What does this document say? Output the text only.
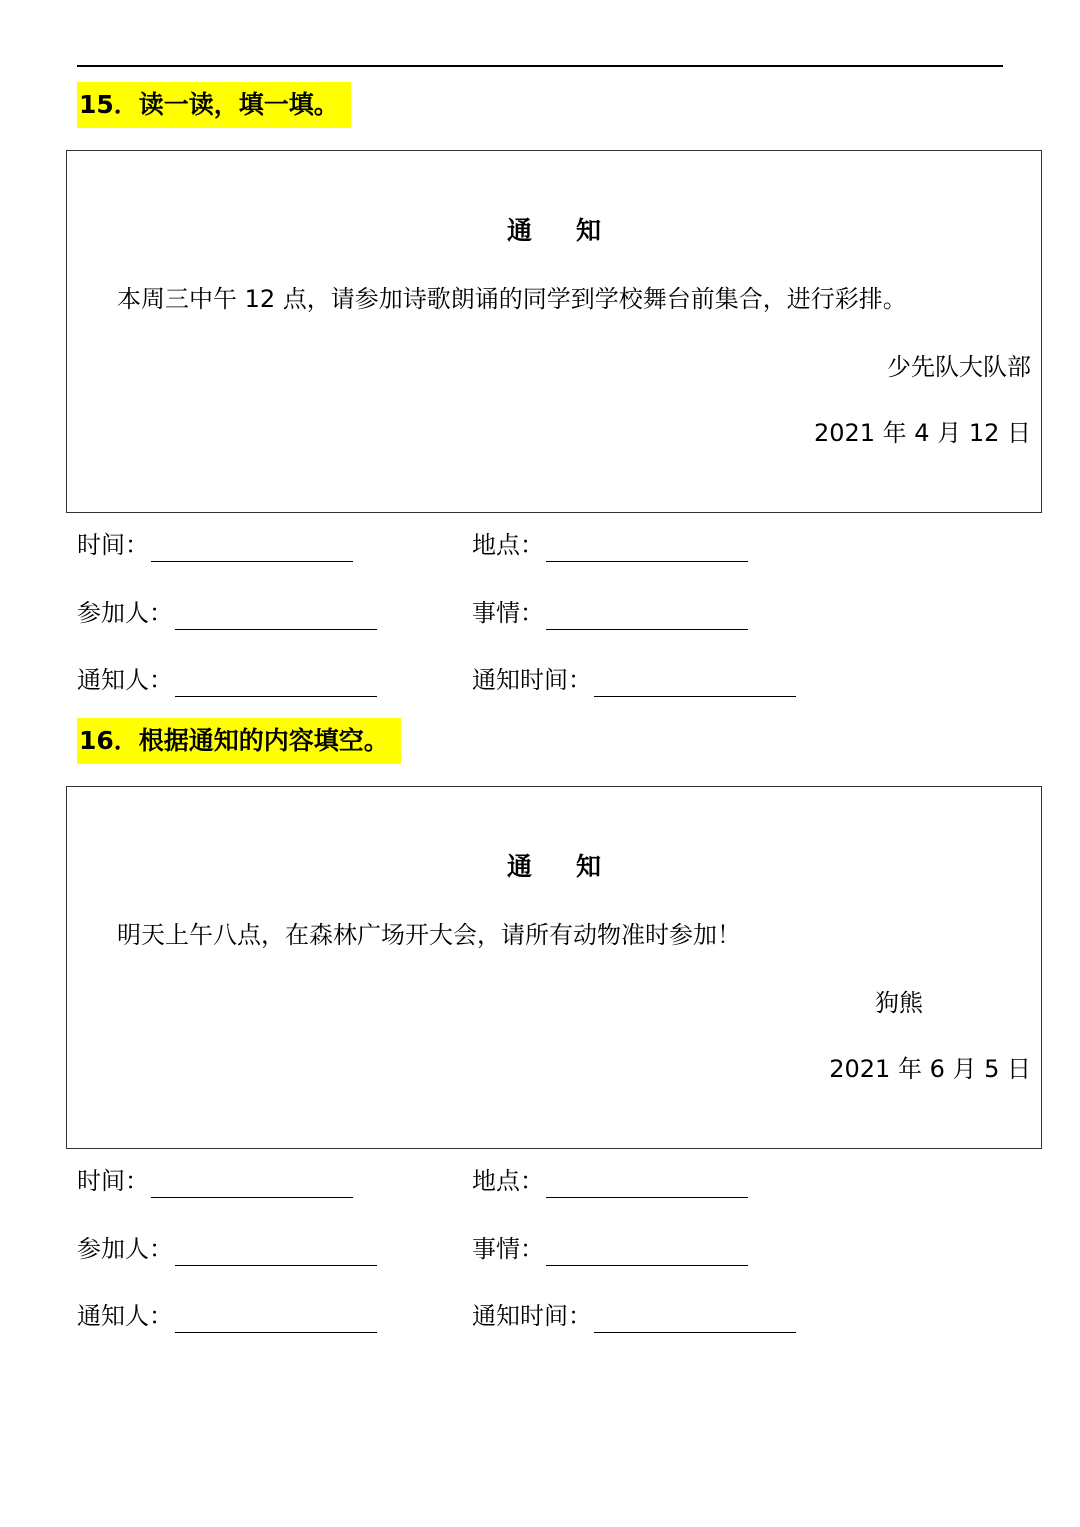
15．读一读，填一填。
通 知
本周三中午 12 点，请参加诗歌朗诵的同学到学校舞台前集合，进行彩排。
少先队大队部
2021 年 4 月 12 日
时间：	地点：
参加人：	事情：
通知人：	通知时间：
16．根据通知的内容填空。
通 知
明天上午八点，在森林广场开大会，请所有动物准时参加！
狗熊
2021 年 6 月 5 日
时间：	地点：
参加人：	事情：
通知人：	通知时间：
